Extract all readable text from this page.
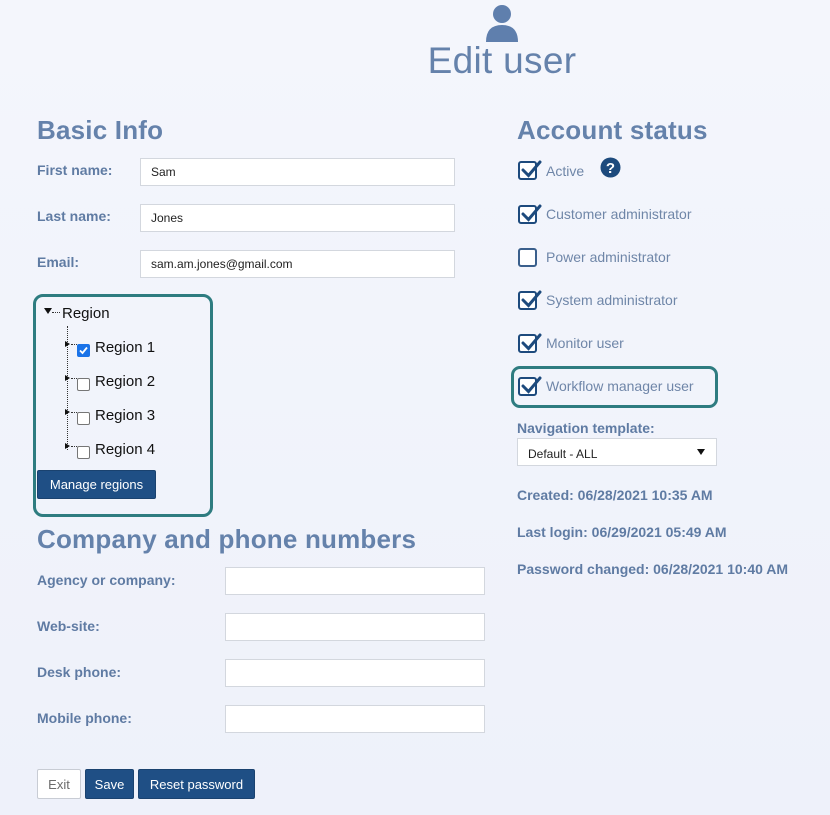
Edit user
Basic Info
First name:
Sam
Last name:
Jones
Email:
sam.am.jones@gmail.com
Region
Region 1
Region 2
Region 3
Region 4
Manage regions
Company and phone numbers
Agency or company:
Web-site:
Desk phone:
Mobile phone:
Exit	Save	Reset password
Account status
Active ?
Customer administrator
Power administrator
System administrator
Monitor user
Workflow manager user
Navigation template:
Default - ALL
Created: 06/28/2021 10:35 AM
Last login: 06/29/2021 05:49 AM
Password changed: 06/28/2021 10:40 AM
